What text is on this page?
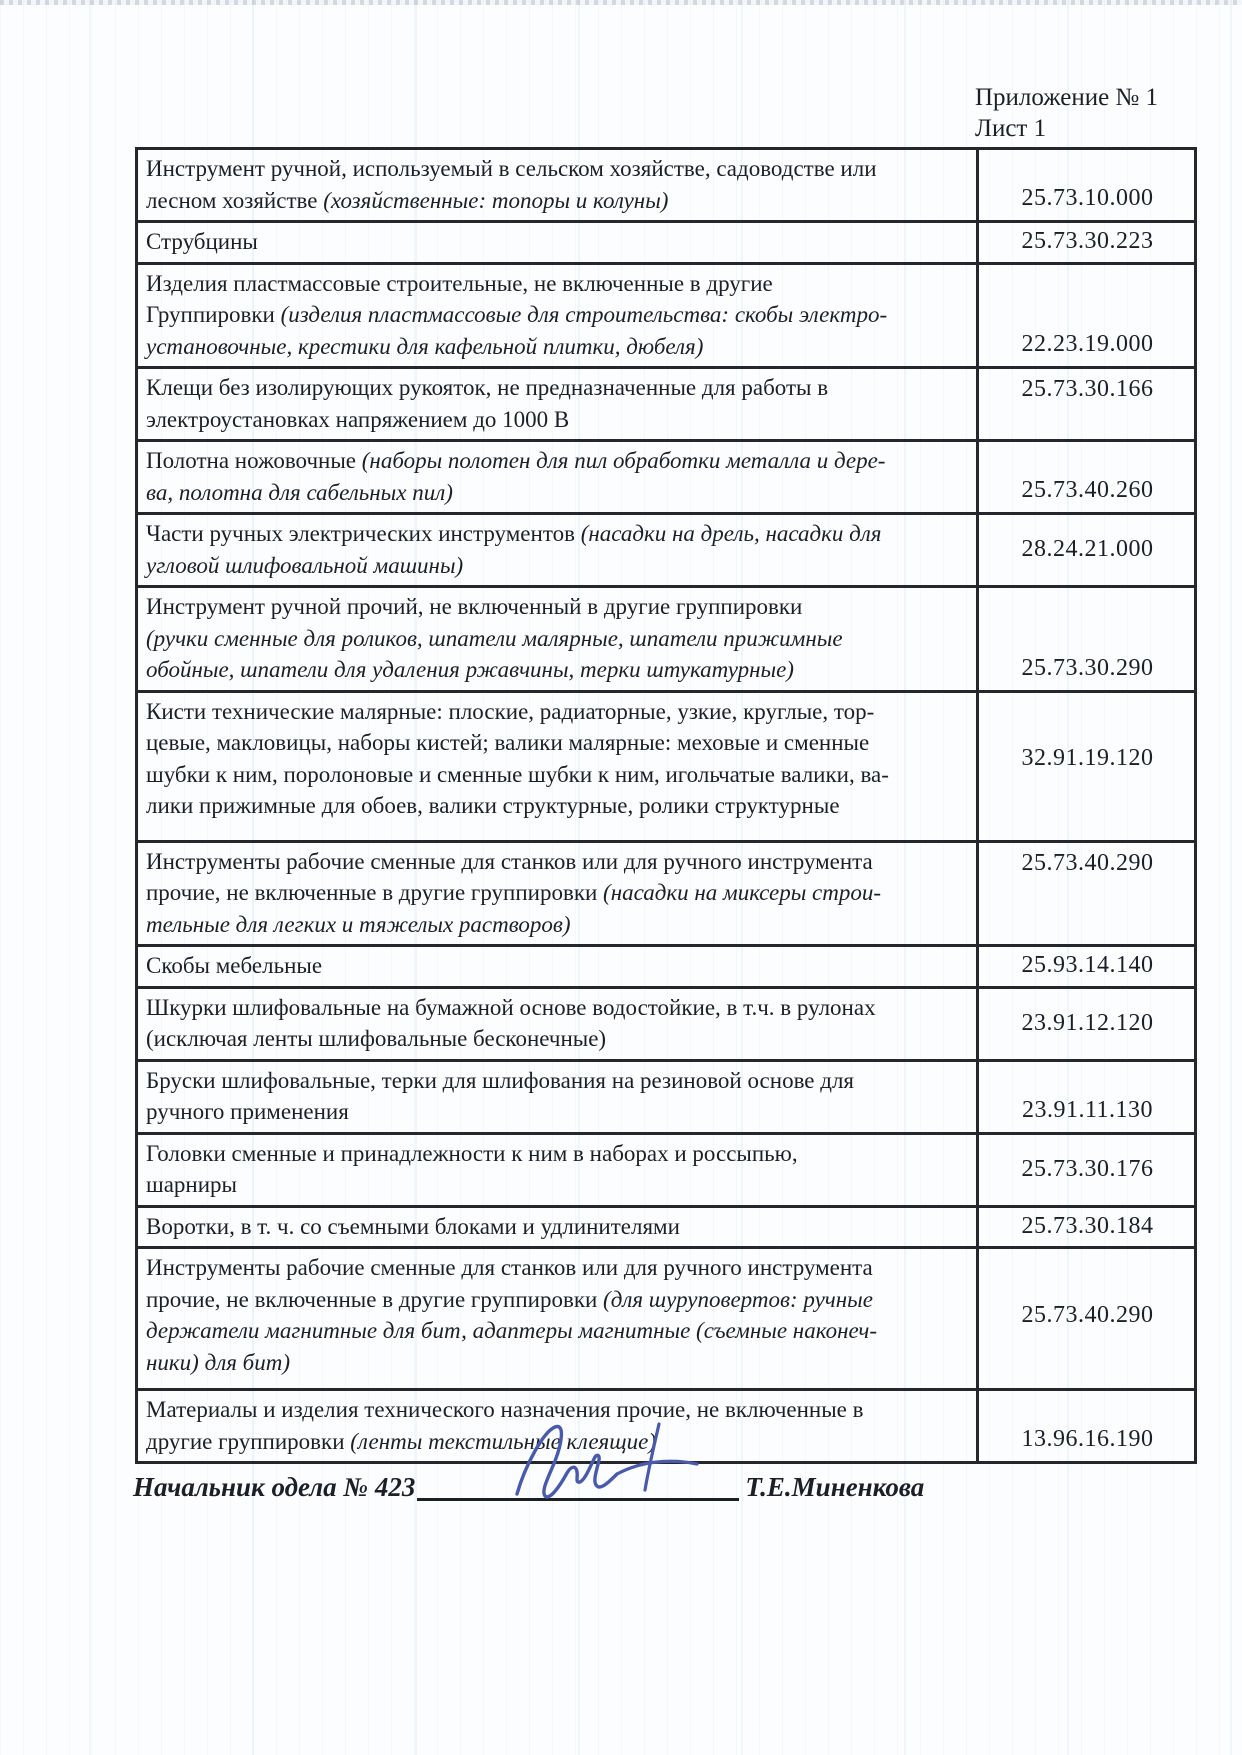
Приложение № 1
Лист 1
Инструмент ручной, используемый в сельском хозяйстве, садоводстве или
лесном хозяйстве (хозяйственные: топоры и колуны)	25.73.10.000

Струбцины	25.73.30.223

Изделия пластмассовые строительные, не включенные в другие
Группировки (изделия пластмассовые для строительства: скобы электро-
установочные, крестики для кафельной плитки, дюбеля)	22.23.19.000

Клещи без изолирующих рукояток, не предназначенные для работы в
электроустановках напряжением до 1000 В	25.73.30.166

Полотна ножовочные (наборы полотен для пил обработки металла и дере-
ва, полотна для сабельных пил)	25.73.40.260

Части ручных электрических инструментов (насадки на дрель, насадки для
угловой шлифовальной машины)	28.24.21.000

Инструмент ручной прочий, не включенный в другие группировки
(ручки сменные для роликов, шпатели малярные, шпатели прижимные
обойные, шпатели для удаления ржавчины, терки штукатурные)	25.73.30.290

Кисти технические малярные: плоские, радиаторные, узкие, круглые, тор-
цевые, макловицы, наборы кистей; валики малярные: меховые и сменные
шубки к ним, поролоновые и сменные шубки к ним, игольчатые валики, ва-
лики прижимные для обоев, валики структурные, ролики структурные	32.91.19.120

Инструменты рабочие сменные для станков или для ручного инструмента
прочие, не включенные в другие группировки (насадки на миксеры строи-
тельные для легких и тяжелых растворов)	25.73.40.290

Скобы мебельные	25.93.14.140

Шкурки шлифовальные на бумажной основе водостойкие, в т.ч. в рулонах
(исключая ленты шлифовальные бесконечные)	23.91.12.120

Бруски шлифовальные, терки для шлифования на резиновой основе для
ручного применения	23.91.11.130

Головки сменные и принадлежности к ним в наборах и россыпью,
шарниры	25.73.30.176

Воротки, в т. ч. со съемными блоками и удлинителями	25.73.30.184

Инструменты рабочие сменные для станков или для ручного инструмента
прочие, не включенные в другие группировки (для шуруповертов: ручные
держатели магнитные для бит, адаптеры магнитные (съемные наконеч-
ники) для бит)	25.73.40.290

Материалы и изделия технического назначения прочие, не включенные в
другие группировки (ленты текстильные клеящие)	13.96.16.190
Начальник одела № 423	Т.Е.Миненкова
